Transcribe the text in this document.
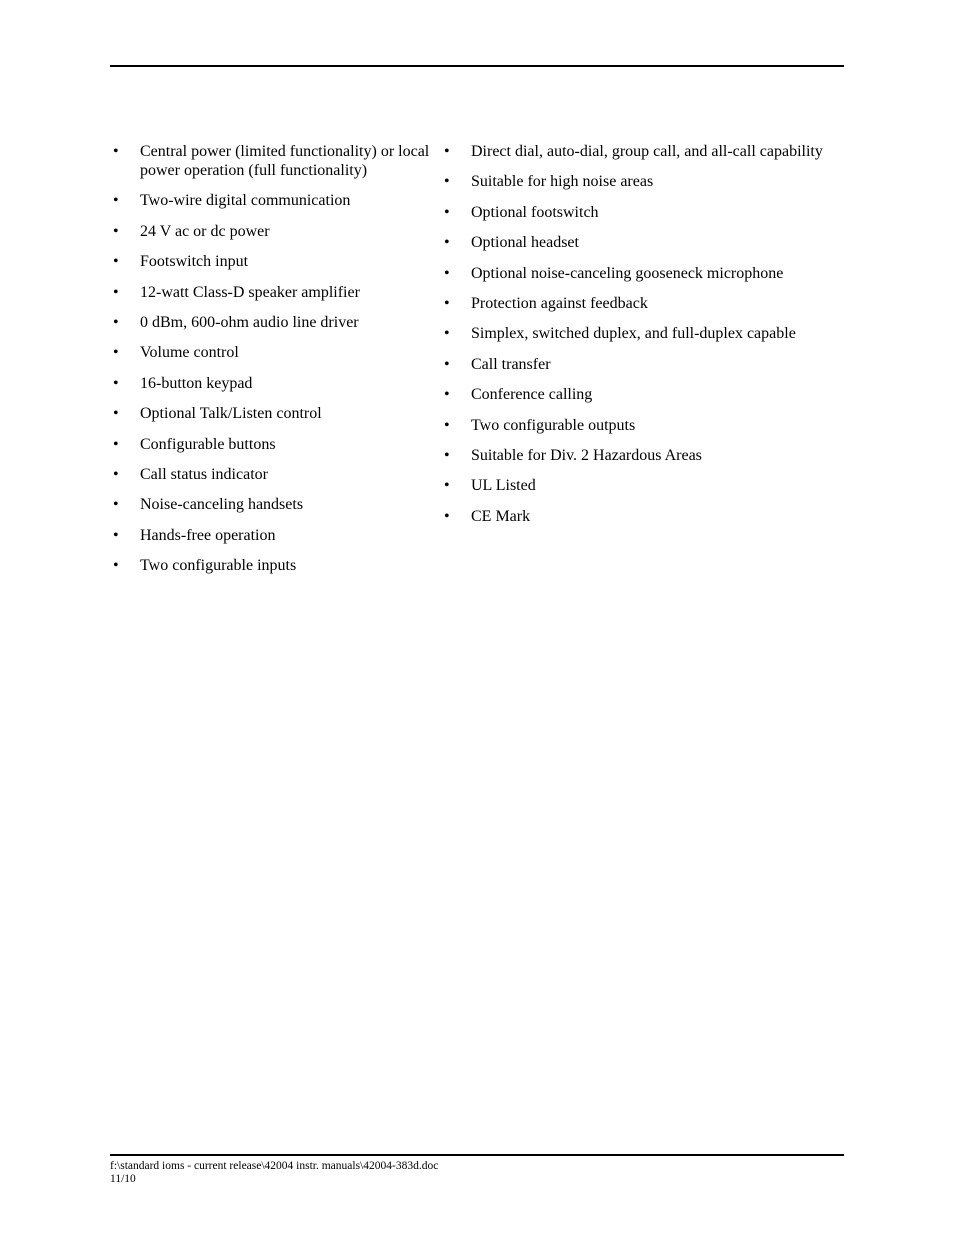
• Central power (limited functionality) or local power operation (full functionality)
• Two-wire digital communication
• 24 V ac or dc power
• Footswitch input
• 12-watt Class-D speaker amplifier
• 0 dBm, 600-ohm audio line driver
• Volume control
• 16-button keypad
• Optional Talk/Listen control
• Configurable buttons
• Call status indicator
• Noise-canceling handsets
• Hands-free operation
• Two configurable inputs
• Direct dial, auto-dial, group call, and all-call capability
• Suitable for high noise areas
• Optional footswitch
• Optional headset
• Optional noise-canceling gooseneck microphone
• Protection against feedback
• Simplex, switched duplex, and full-duplex capable
• Call transfer
• Conference calling
• Two configurable outputs
• Suitable for Div. 2 Hazardous Areas
• UL Listed
• CE Mark
f:\standard ioms - current release\42004 instr. manuals\42004-383d.doc
11/10
